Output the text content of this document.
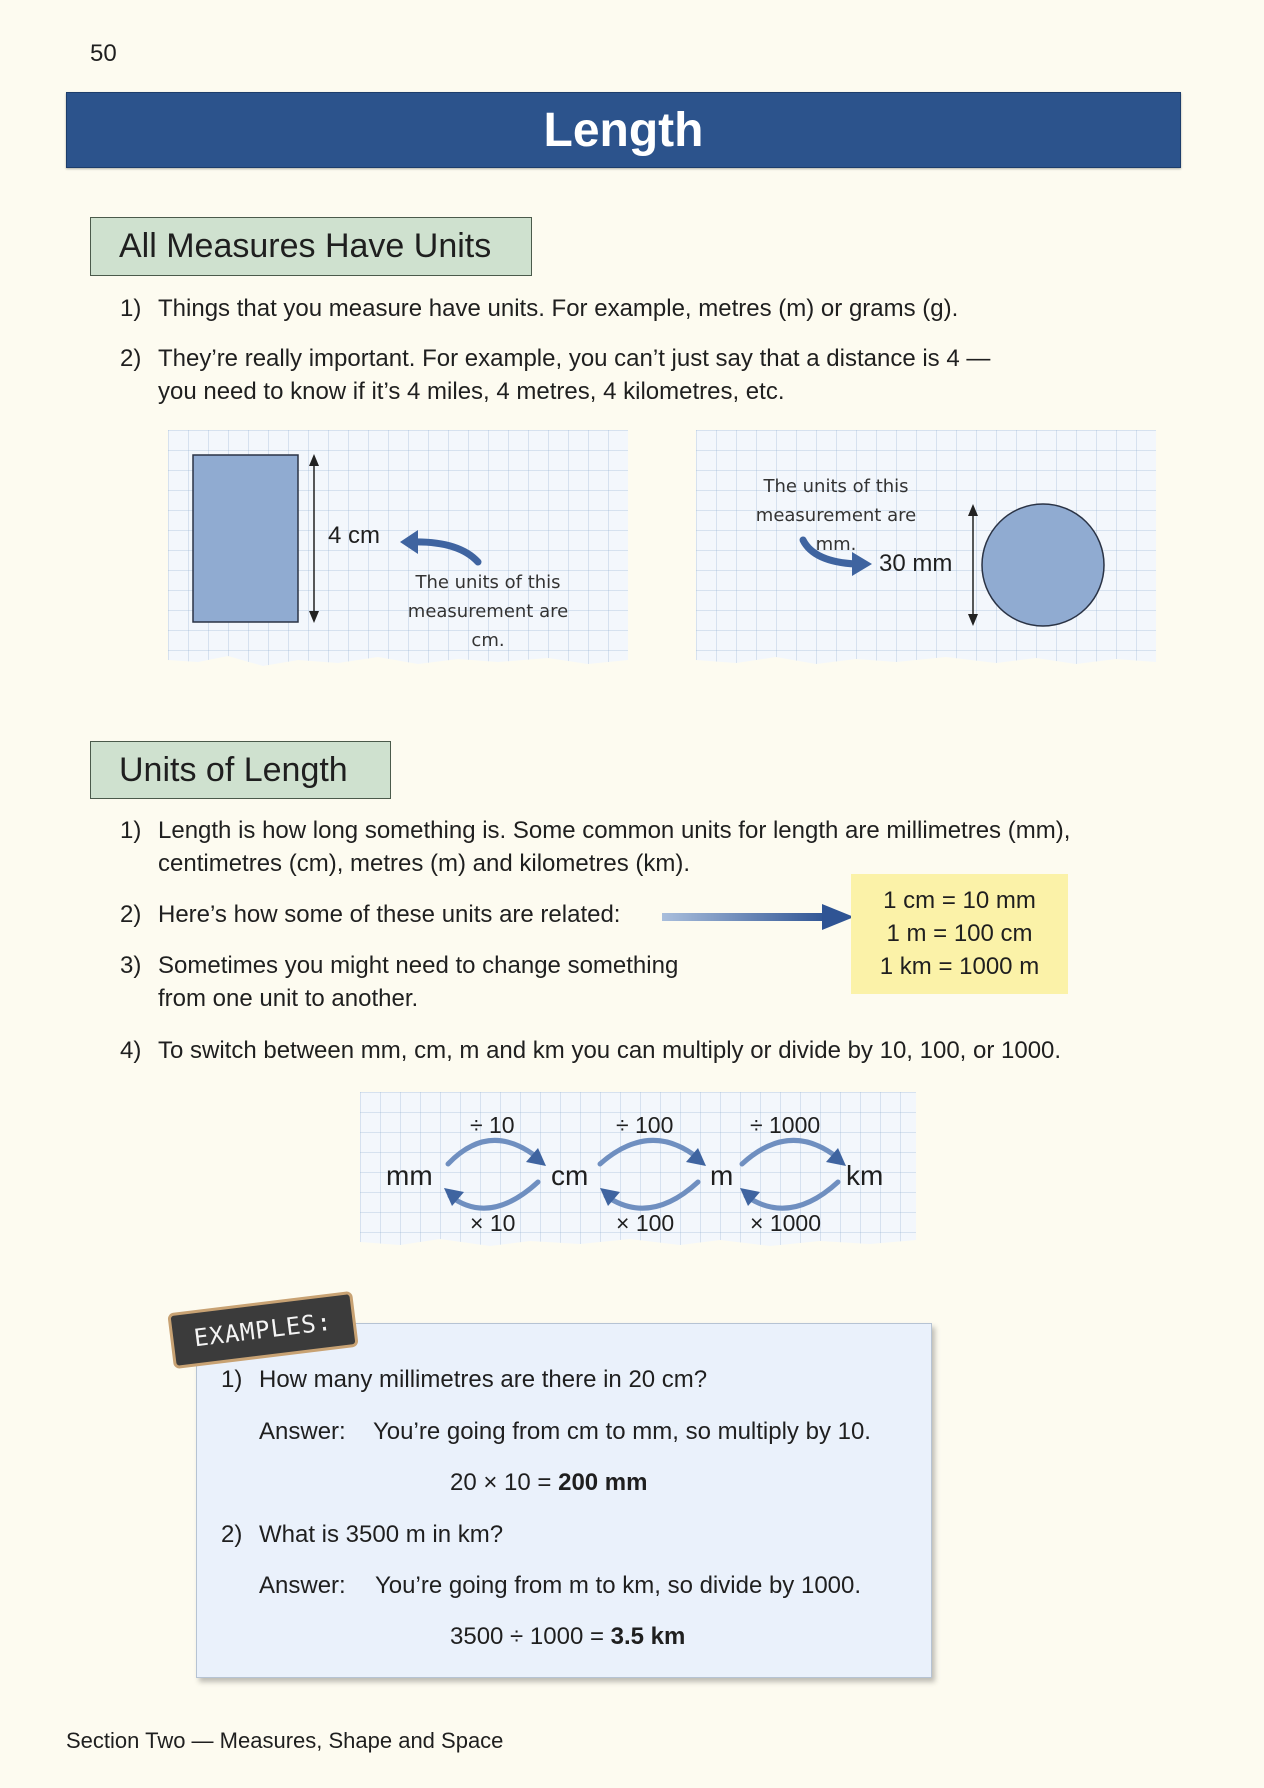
50
Length
All Measures Have Units
1) Things that you measure have units. For example, metres (m) or grams (g).
2) They’re really important. For example, you can’t just say that a distance is 4 —
you need to know if it’s 4 miles, 4 metres, 4 kilometres, etc.
4 cm
The units of this
measurement are cm.
The units of this
measurement are mm.
30 mm
Units of Length
1) Length is how long something is. Some common units for length are millimetres (mm),
centimetres (cm), metres (m) and kilometres (km).
2) Here’s how some of these units are related:
1 cm = 10 mm
1 m = 100 cm
1 km = 1000 m
3) Sometimes you might need to change something
from one unit to another.
4) To switch between mm, cm, m and km you can multiply or divide by 10, 100, or 1000.
÷ 10	÷ 100	÷ 1000
mm	cm	m	km
× 10	× 100	× 1000
1) How many millimetres are there in 20 cm?
Answer: You’re going from cm to mm, so multiply by 10.
20 × 10 = 200 mm
2) What is 3500 m in km?
Answer: You’re going from m to km, so divide by 1000.
3500 ÷ 1000 = 3.5 km
EXAMPLES:
Section Two — Measures, Shape and Space
